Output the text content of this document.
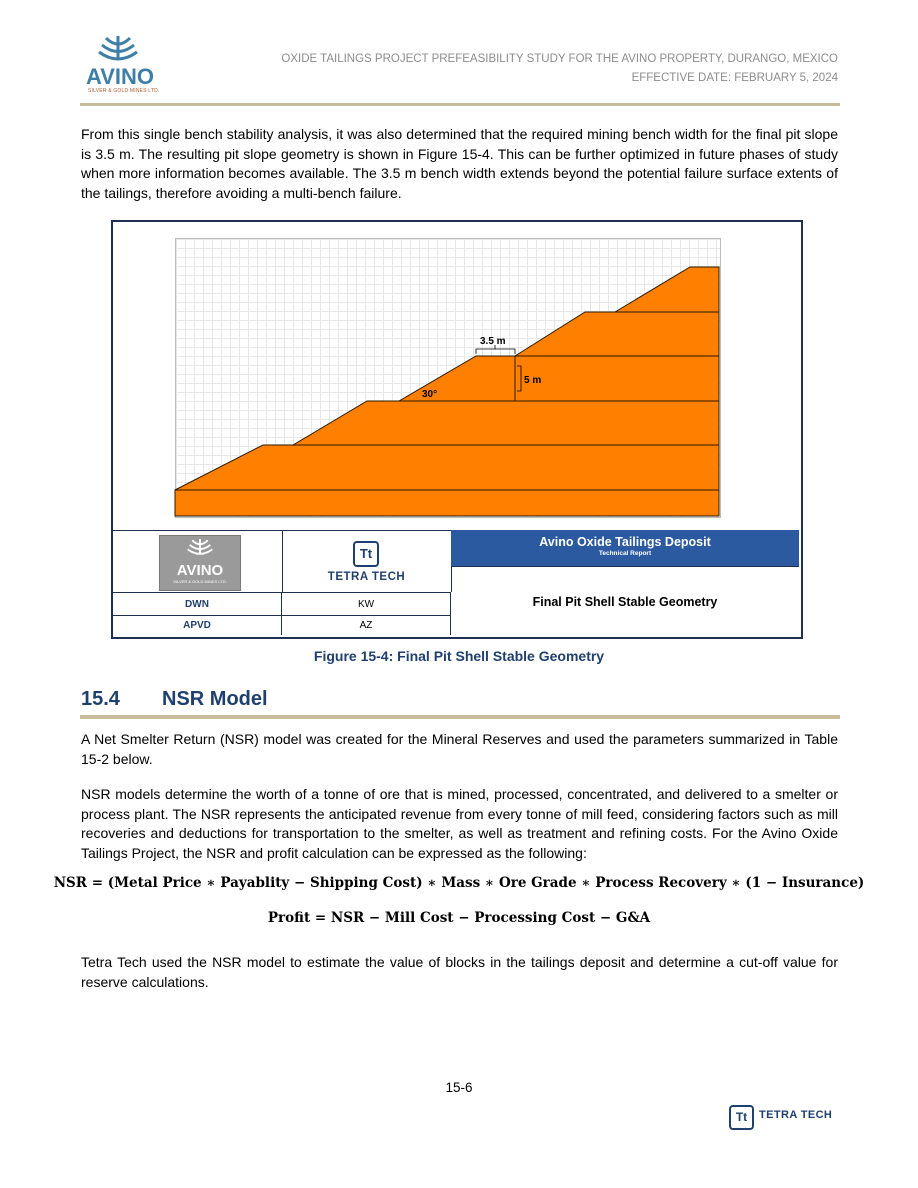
AVINO
SILVER & GOLD MINES LTD.
OXIDE TAILINGS PROJECT PREFEASIBILITY STUDY FOR THE AVINO PROPERTY, DURANGO, MEXICO
EFFECTIVE DATE: FEBRUARY 5, 2024
From this single bench stability analysis, it was also determined that the required mining bench width for the final pit slope is 3.5 m. The resulting pit slope geometry is shown in Figure 15-4. This can be further optimized in future phases of study when more information becomes available. The 3.5 m bench width extends beyond the potential failure surface extents of the tailings, therefore avoiding a multi-bench failure.
3.5 m
5 m
30°
AVINO
SILVER & GOLD MINES LTD.
Tt
TETRA TECH
DWN	KW
APVD	AZ
Avino Oxide Tailings Deposit
Technical Report
Final Pit Shell Stable Geometry
Figure 15-4: Final Pit Shell Stable Geometry
15.4 NSR Model
A Net Smelter Return (NSR) model was created for the Mineral Reserves and used the parameters summarized in Table 15-2 below.
NSR models determine the worth of a tonne of ore that is mined, processed, concentrated, and delivered to a smelter or process plant. The NSR represents the anticipated revenue from every tonne of mill feed, considering factors such as mill recoveries and deductions for transportation to the smelter, as well as treatment and refining costs. For the Avino Oxide Tailings Project, the NSR and profit calculation can be expressed as the following:
NSR = (Metal Price ∗ Payablity − Shipping Cost) ∗ Mass ∗ Ore Grade ∗ Process Recovery ∗ (1 − Insurance)
Profit = NSR − Mill Cost − Processing Cost − G&A
Tetra Tech used the NSR model to estimate the value of blocks in the tailings deposit and determine a cut-off value for reserve calculations.
15-6
Tt	TETRA TECH
